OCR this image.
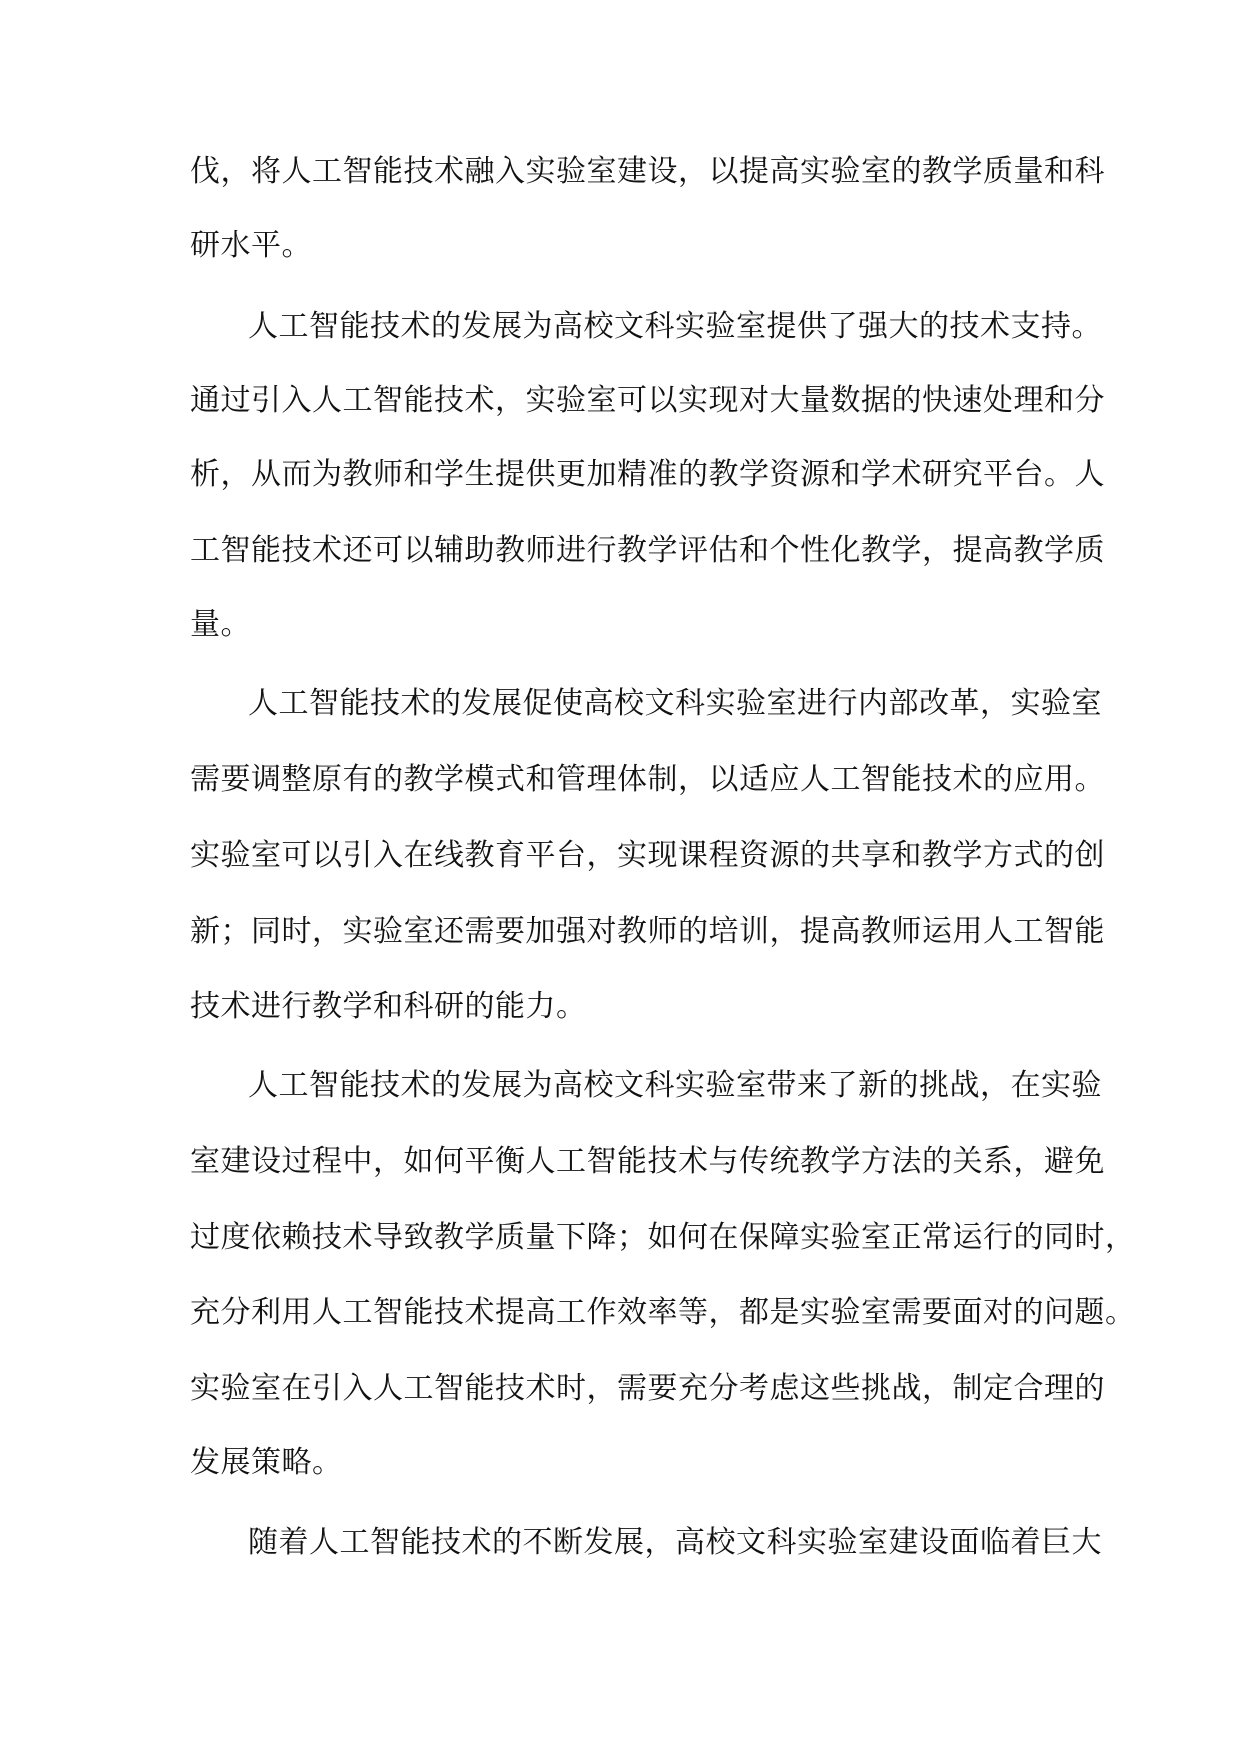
伐，将人工智能技术融入实验室建设，以提高实验室的教学质量和科
研水平。
人工智能技术的发展为高校文科实验室提供了强大的技术支持。
通过引入人工智能技术，实验室可以实现对大量数据的快速处理和分
析，从而为教师和学生提供更加精准的教学资源和学术研究平台。人
工智能技术还可以辅助教师进行教学评估和个性化教学，提高教学质
量。
人工智能技术的发展促使高校文科实验室进行内部改革，实验室
需要调整原有的教学模式和管理体制，以适应人工智能技术的应用。
实验室可以引入在线教育平台，实现课程资源的共享和教学方式的创
新；同时，实验室还需要加强对教师的培训，提高教师运用人工智能
技术进行教学和科研的能力。
人工智能技术的发展为高校文科实验室带来了新的挑战，在实验
室建设过程中，如何平衡人工智能技术与传统教学方法的关系，避免
过度依赖技术导致教学质量下降；如何在保障实验室正常运行的同时，
充分利用人工智能技术提高工作效率等，都是实验室需要面对的问题。
实验室在引入人工智能技术时，需要充分考虑这些挑战，制定合理的
发展策略。
随着人工智能技术的不断发展，高校文科实验室建设面临着巨大
